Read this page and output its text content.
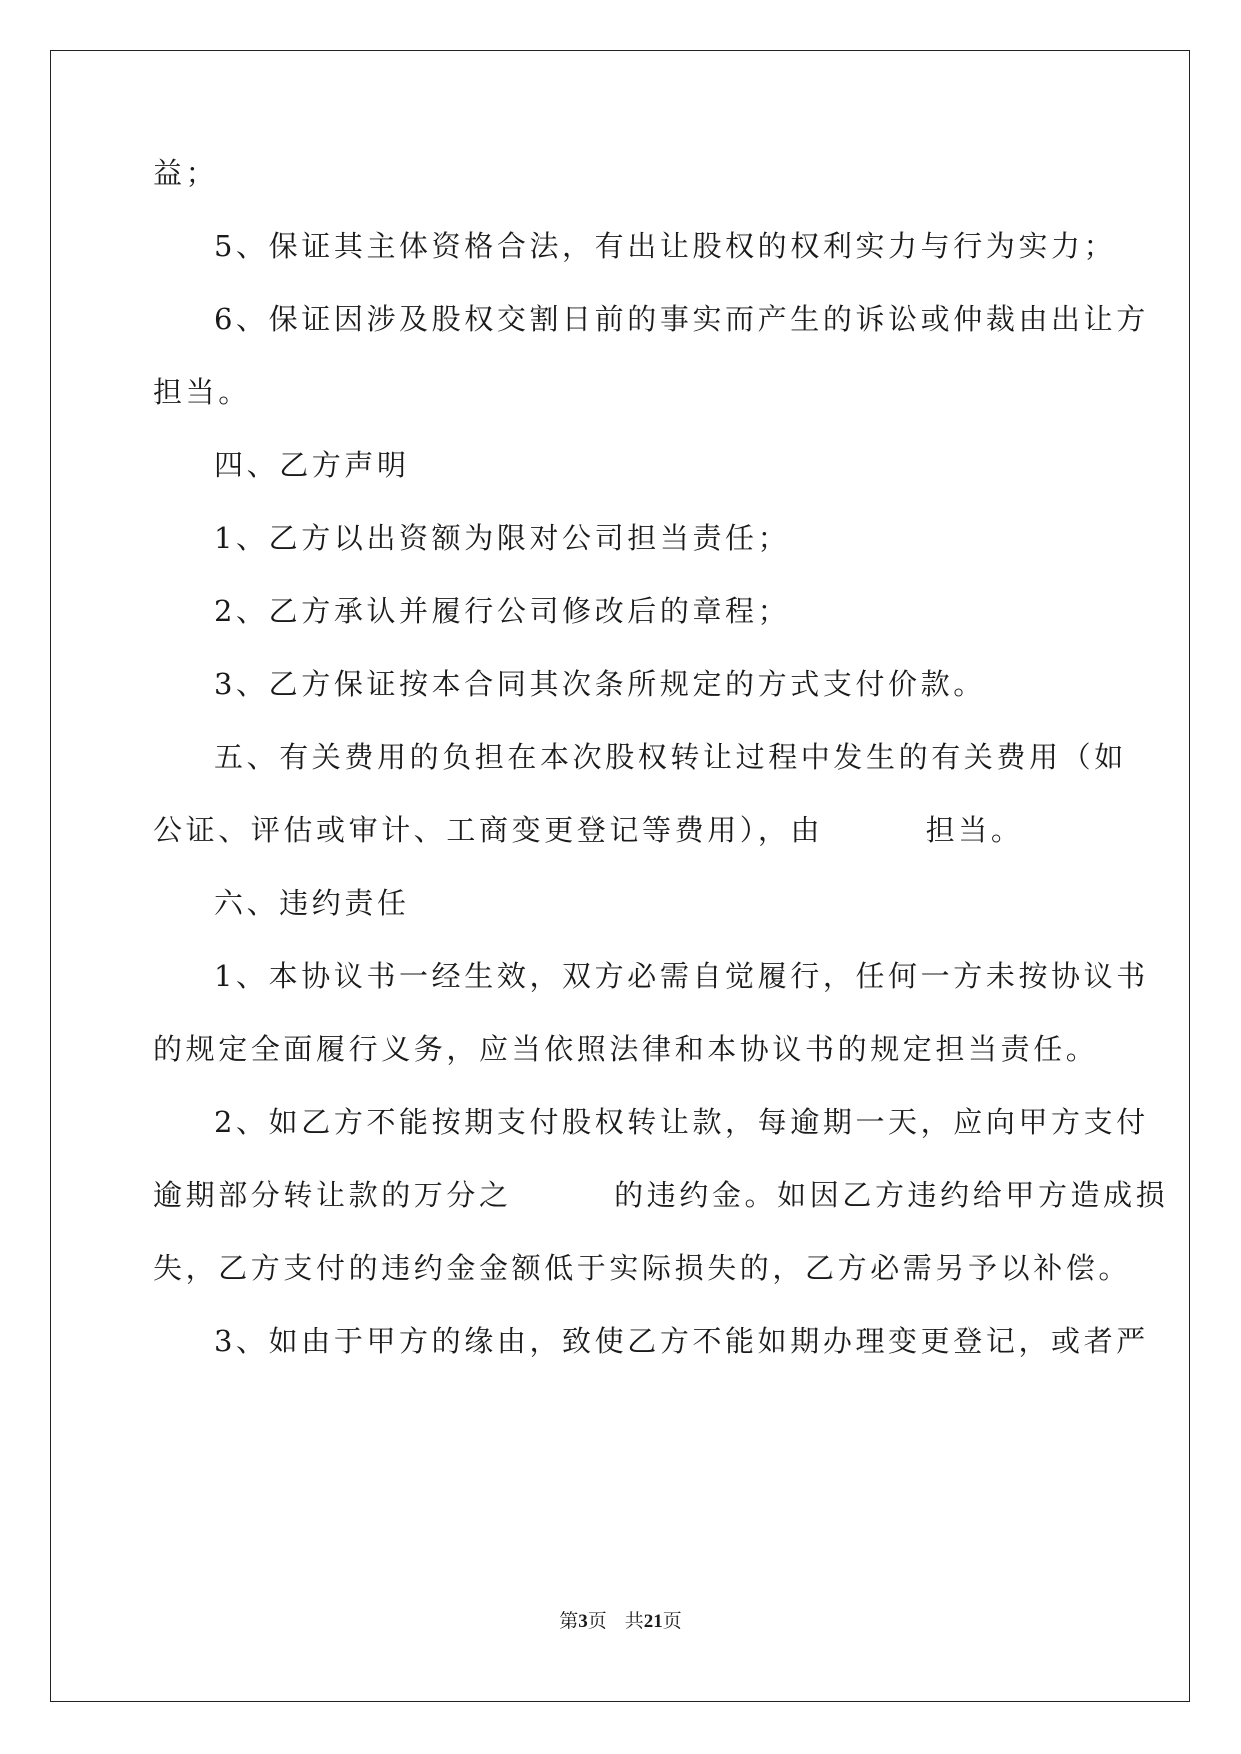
益；
5、保证其主体资格合法，有出让股权的权利实力与行为实力；
6、保证因涉及股权交割日前的事实而产生的诉讼或仲裁由出让方
担当。
四、乙方声明
1、乙方以出资额为限对公司担当责任；
2、乙方承认并履行公司修改后的章程；
3、乙方保证按本合同其次条所规定的方式支付价款。
五、有关费用的负担在本次股权转让过程中发生的有关费用（如
公证、评估或审计、工商变更登记等费用），由        担当。
六、违约责任
1、本协议书一经生效，双方必需自觉履行，任何一方未按协议书
的规定全面履行义务，应当依照法律和本协议书的规定担当责任。
2、如乙方不能按期支付股权转让款，每逾期一天，应向甲方支付
逾期部分转让款的万分之        的违约金。如因乙方违约给甲方造成损
失，乙方支付的违约金金额低于实际损失的，乙方必需另予以补偿。
3、如由于甲方的缘由，致使乙方不能如期办理变更登记，或者严
第3页 共21页
